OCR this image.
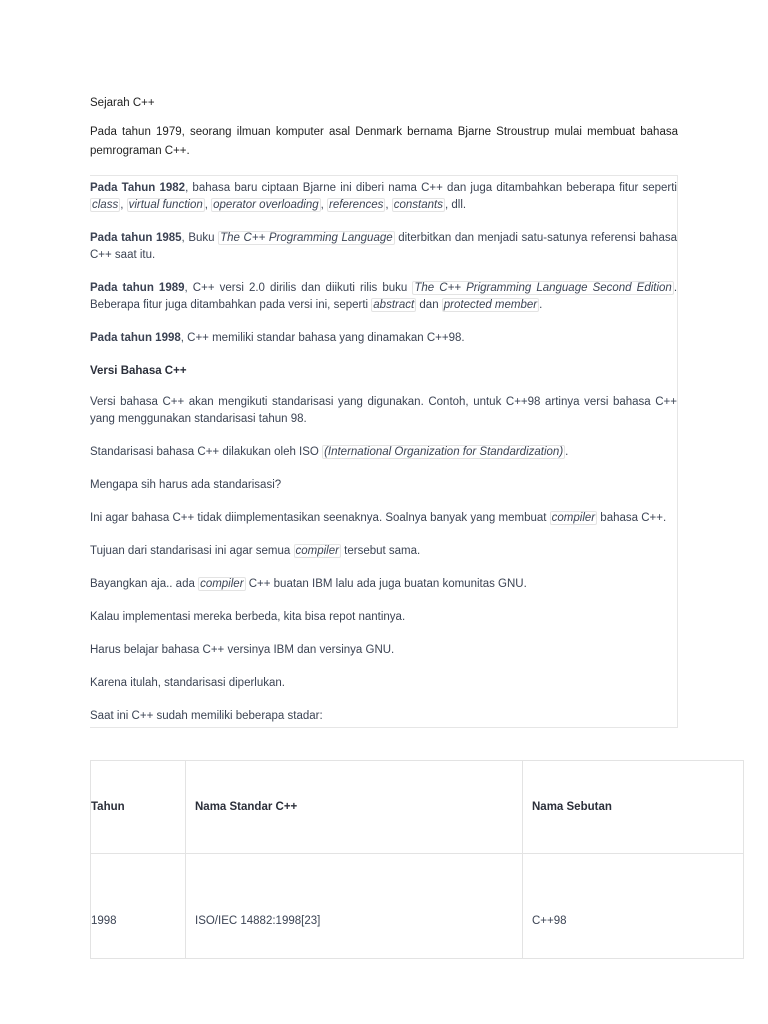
Sejarah C++

Pada tahun 1979, seorang ilmuan komputer asal Denmark bernama Bjarne Stroustrup mulai membuat bahasa pemrograman C++.

Pada Tahun 1982, bahasa baru ciptaan Bjarne ini diberi nama C++ dan juga ditambahkan beberapa fitur seperti class , virtual function , operator overloading , references , constants , dll.

Pada tahun 1985, Buku The C++ Programming Language diterbitkan dan menjadi satu-satunya referensi bahasa C++ saat itu.

Pada tahun 1989, C++ versi 2.0 dirilis dan diikuti rilis buku The C++ Prigramming Language Second Edition . Beberapa fitur juga ditambahkan pada versi ini, seperti abstract dan protected member .

Pada tahun 1998, C++ memiliki standar bahasa yang dinamakan C++98.

Versi Bahasa C++

Versi bahasa C++ akan mengikuti standarisasi yang digunakan. Contoh, untuk C++98 artinya versi bahasa C++ yang menggunakan standarisasi tahun 98.

Standarisasi bahasa C++ dilakukan oleh ISO (International Organization for Standardization) .

Mengapa sih harus ada standarisasi?

Ini agar bahasa C++ tidak diimplementasikan seenaknya. Soalnya banyak yang membuat compiler bahasa C++.

Tujuan dari standarisasi ini agar semua compiler tersebut sama.

Bayangkan aja.. ada compiler C++ buatan IBM lalu ada juga buatan komunitas GNU.

Kalau implementasi mereka berbeda, kita bisa repot nantinya.

Harus belajar bahasa C++ versinya IBM dan versinya GNU.

Karena itulah, standarisasi diperlukan.

Saat ini C++ sudah memiliki beberapa stadar:

Tahun	Nama Standar C++	Nama Sebutan
1998	ISO/IEC 14882:1998[23]	C++98
